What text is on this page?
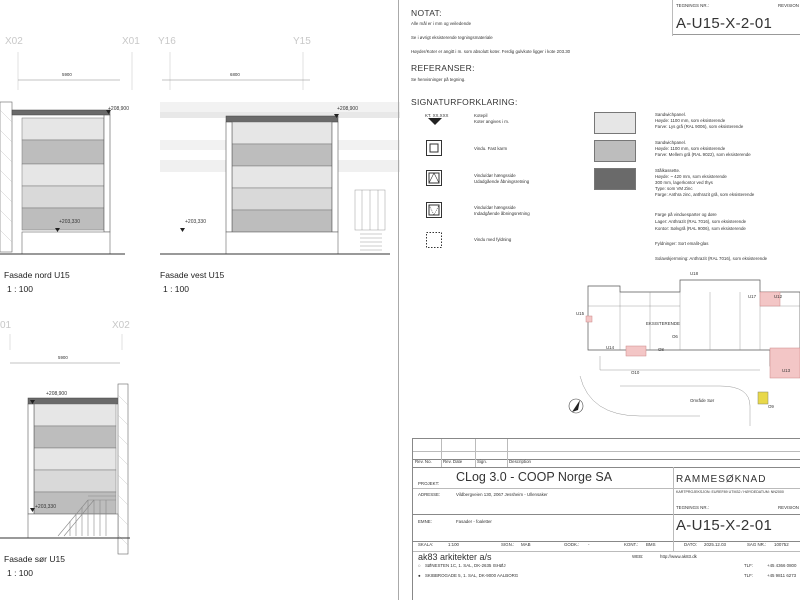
X02	X01 Y16	Y15
01	X02
5900	6800
5900
+208,900
+203,330
+208,900
+203,330
+208,900
+203,330
Fasade nord U15
1 : 100
Fasade vest U15
1 : 100
Fasade sør U15
1 : 100
NOTAT:
Alle mål er i mm og veiledende
Se i øvrigt eksisterende tegningsmateriale
Høyder/Koter er angitt i m. som absolutt koter. Ferdig gulvkote ligger i kote 203.30
REFERANSER:
Se henvisninger på tegning.
SIGNATURFORKLARING:
KT. XX,XXX	Kotepil
Koter angives i m.
Vindu. Fast karm
Vindu/dør hængsside
Udadgående åbningsretning
Vindu/dør hængsside
Indadgående åbningsretning
Vindu med fyldning
Sandwichpanel.
Høyde: 1100 mm, som eksisterende
Farve: Lys grå (RAL 9006), som eksisterende
Sandwichpanel.
Høyde: 1100 mm, som eksisterende
Farve: Mellem grå (RAL 9022), som eksisterende
Stålkassette.
Høyde: ~ 420 mm, som eksisterende
300 mm, lagerkontor ved thys
Type: som VM Zinc
Farge: Anthra zinc, anthrazit grå, som eksisterende
Farge på vinduesparter og døre
Lager: Anthrazit (RAL 7016), som eksisterende
Kontor: Sølvgrå (RAL 9006), som eksisterende
Fyldninger: Sort emalit-glas
Solavskjermning: Anthrazit (RAL 7016), som eksisterende
EKSISTERENDE
Område Sør
U18
U15
U17	U12
U14
O6
O8
O10	U13
O9
TEGNINGS NR.:	REVISION
A-U15-X-2-01
Rev. No.	Rev. Date	Sign.	Description
PROJEKT: CLog 3.0 - COOP Norge SA	RAMMESØKNAD
ADRESSE:	Vildbergveien 130, 2067 Jessheim - Ullensaker	KARTPROJEKSJON: EUREF89 UTM32 / HØYDEDATUM: NN2000
TEGNINGS NR.:	REVISION
EMNE:	Fasader - foaletter	A-U15-X-2-01
SKALA:	1:100	SIGN.: MAB	GODK.: -	KONT.: BMS	DATO: 2025.12.03	SAG NR.: 100752
ak83 arkitekter a/s	WEB:	http://www.ak83.dk
○ SØNESTEN 1C, 1. SAL, DK-2635 ISHØJ	TLF:	+45 4366 0800
● SKIBBROGADE 5, 1. SAL, DK-9000 AALBORG	TLF:	+45 9811 6273
